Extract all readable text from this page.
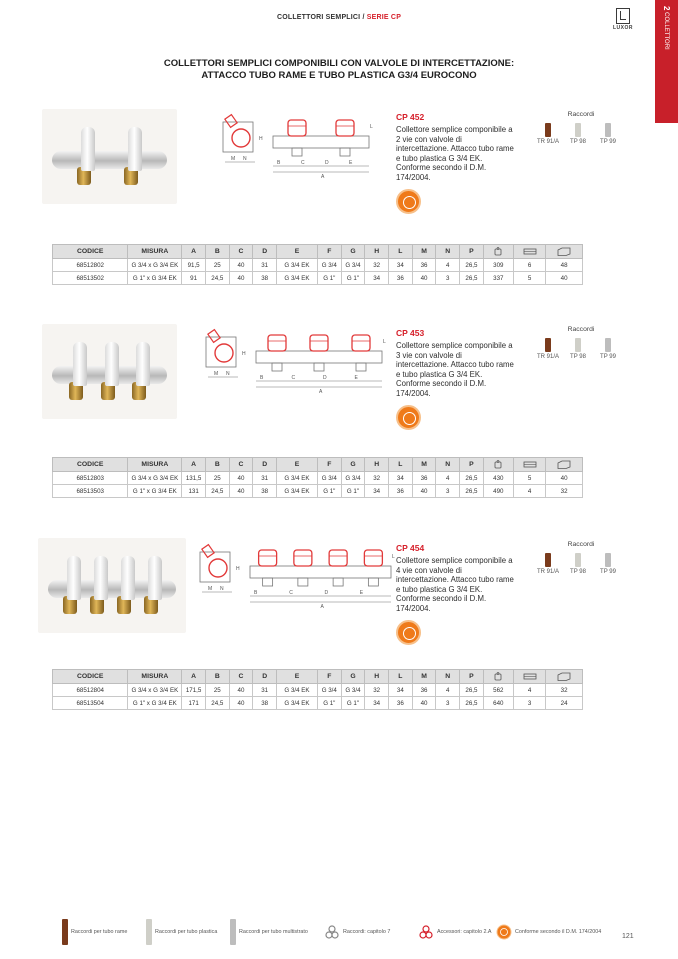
COLLETTORI SEMPLICI / SERIE CP
LUXOR
2 COLLETTORI
COLLETTORI SEMPLICI COMPONIBILI CON VALVOLE DI INTERCETTAZIONE:
ATTACCO TUBO RAME E TUBO PLASTICA G3/4 EUROCONO
M N
H
B	C	D	E
A
L
CP 452
Collettore semplice componibile a 2 vie con valvole di intercettazione. Attacco tubo rame e tubo plastica G 3/4 EK. Conforme secondo il D.M. 174/2004.
Raccordi
TR 91/A	TP 98	TP 99
M N
H
B	C	D	E
A
L
CP 453
Collettore semplice componibile a 3 vie con valvole di intercettazione. Attacco tubo rame e tubo plastica G 3/4 EK. Conforme secondo il D.M. 174/2004.
Raccordi
TR 91/A	TP 98	TP 99
M N
H
B	C	D	E
A
L
CP 454
Collettore semplice componibile a 4 vie con valvole di intercettazione. Attacco tubo rame e tubo plastica G 3/4 EK. Conforme secondo il D.M. 174/2004.
Raccordi
TR 91/A	TP 98	TP 99
CODICE	MISURA	A	B	C	D	E	F	G	H	L	M	N	P			
68512802	G 3/4 x G 3/4 EK	91,5	25	40	31	G 3/4 EK	G 3/4	G 3/4	32	34	36	4	26,5	309	6	48
68513502	G 1" x G 3/4 EK	91	24,5	40	38	G 3/4 EK	G 1"	G 1"	34	36	40	3	26,5	337	5	40
CODICE	MISURA	A	B	C	D	E	F	G	H	L	M	N	P			
68512803	G 3/4 x G 3/4 EK	131,5	25	40	31	G 3/4 EK	G 3/4	G 3/4	32	34	36	4	26,5	430	5	40
68513503	G 1" x G 3/4 EK	131	24,5	40	38	G 3/4 EK	G 1"	G 1"	34	36	40	3	26,5	490	4	32
CODICE	MISURA	A	B	C	D	E	F	G	H	L	M	N	P			
68512804	G 3/4 x G 3/4 EK	171,5	25	40	31	G 3/4 EK	G 3/4	G 3/4	32	34	36	4	26,5	562	4	32
68513504	G 1" x G 3/4 EK	171	24,5	40	38	G 3/4 EK	G 1"	G 1"	34	36	40	3	26,5	640	3	24
Raccordi per tubo rame	Raccordi per tubo plastica	Raccordi per tubo multistrato	Raccordi: capitolo 7	Accessori: capitolo 2.A	Conforme secondo il D.M. 174/2004
121
